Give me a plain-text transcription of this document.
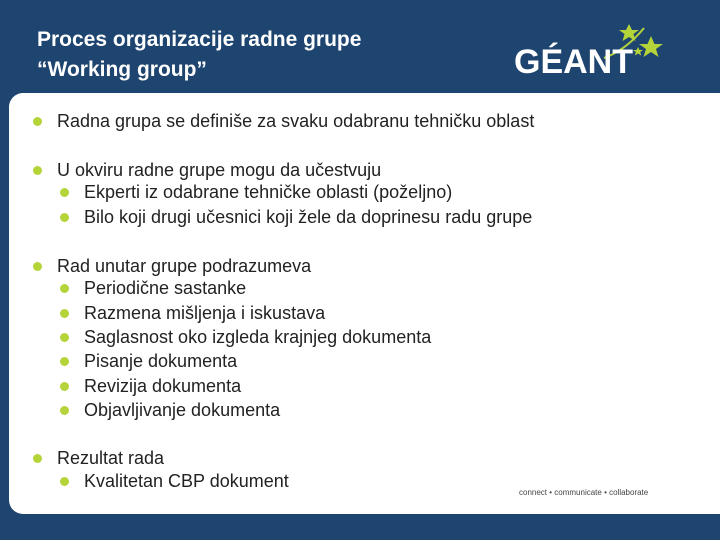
Proces organizacije radne grupe
“Working group”	GÉANT
Radna grupa se definiše za svaku odabranu tehničku oblast
U okviru radne grupe mogu da učestvuju
Ekperti iz odabrane tehničke oblasti (poželjno)
Bilo koji drugi učesnici koji žele da doprinesu radu grupe
Rad unutar grupe podrazumeva
Periodične sastanke
Razmena mišljenja i iskustava
Saglasnost oko izgleda krajnjeg dokumenta
Pisanje dokumenta
Revizija dokumenta
Objavljivanje dokumenta
Rezultat rada
Kvalitetan CBP dokument
connect • communicate • collaborate
